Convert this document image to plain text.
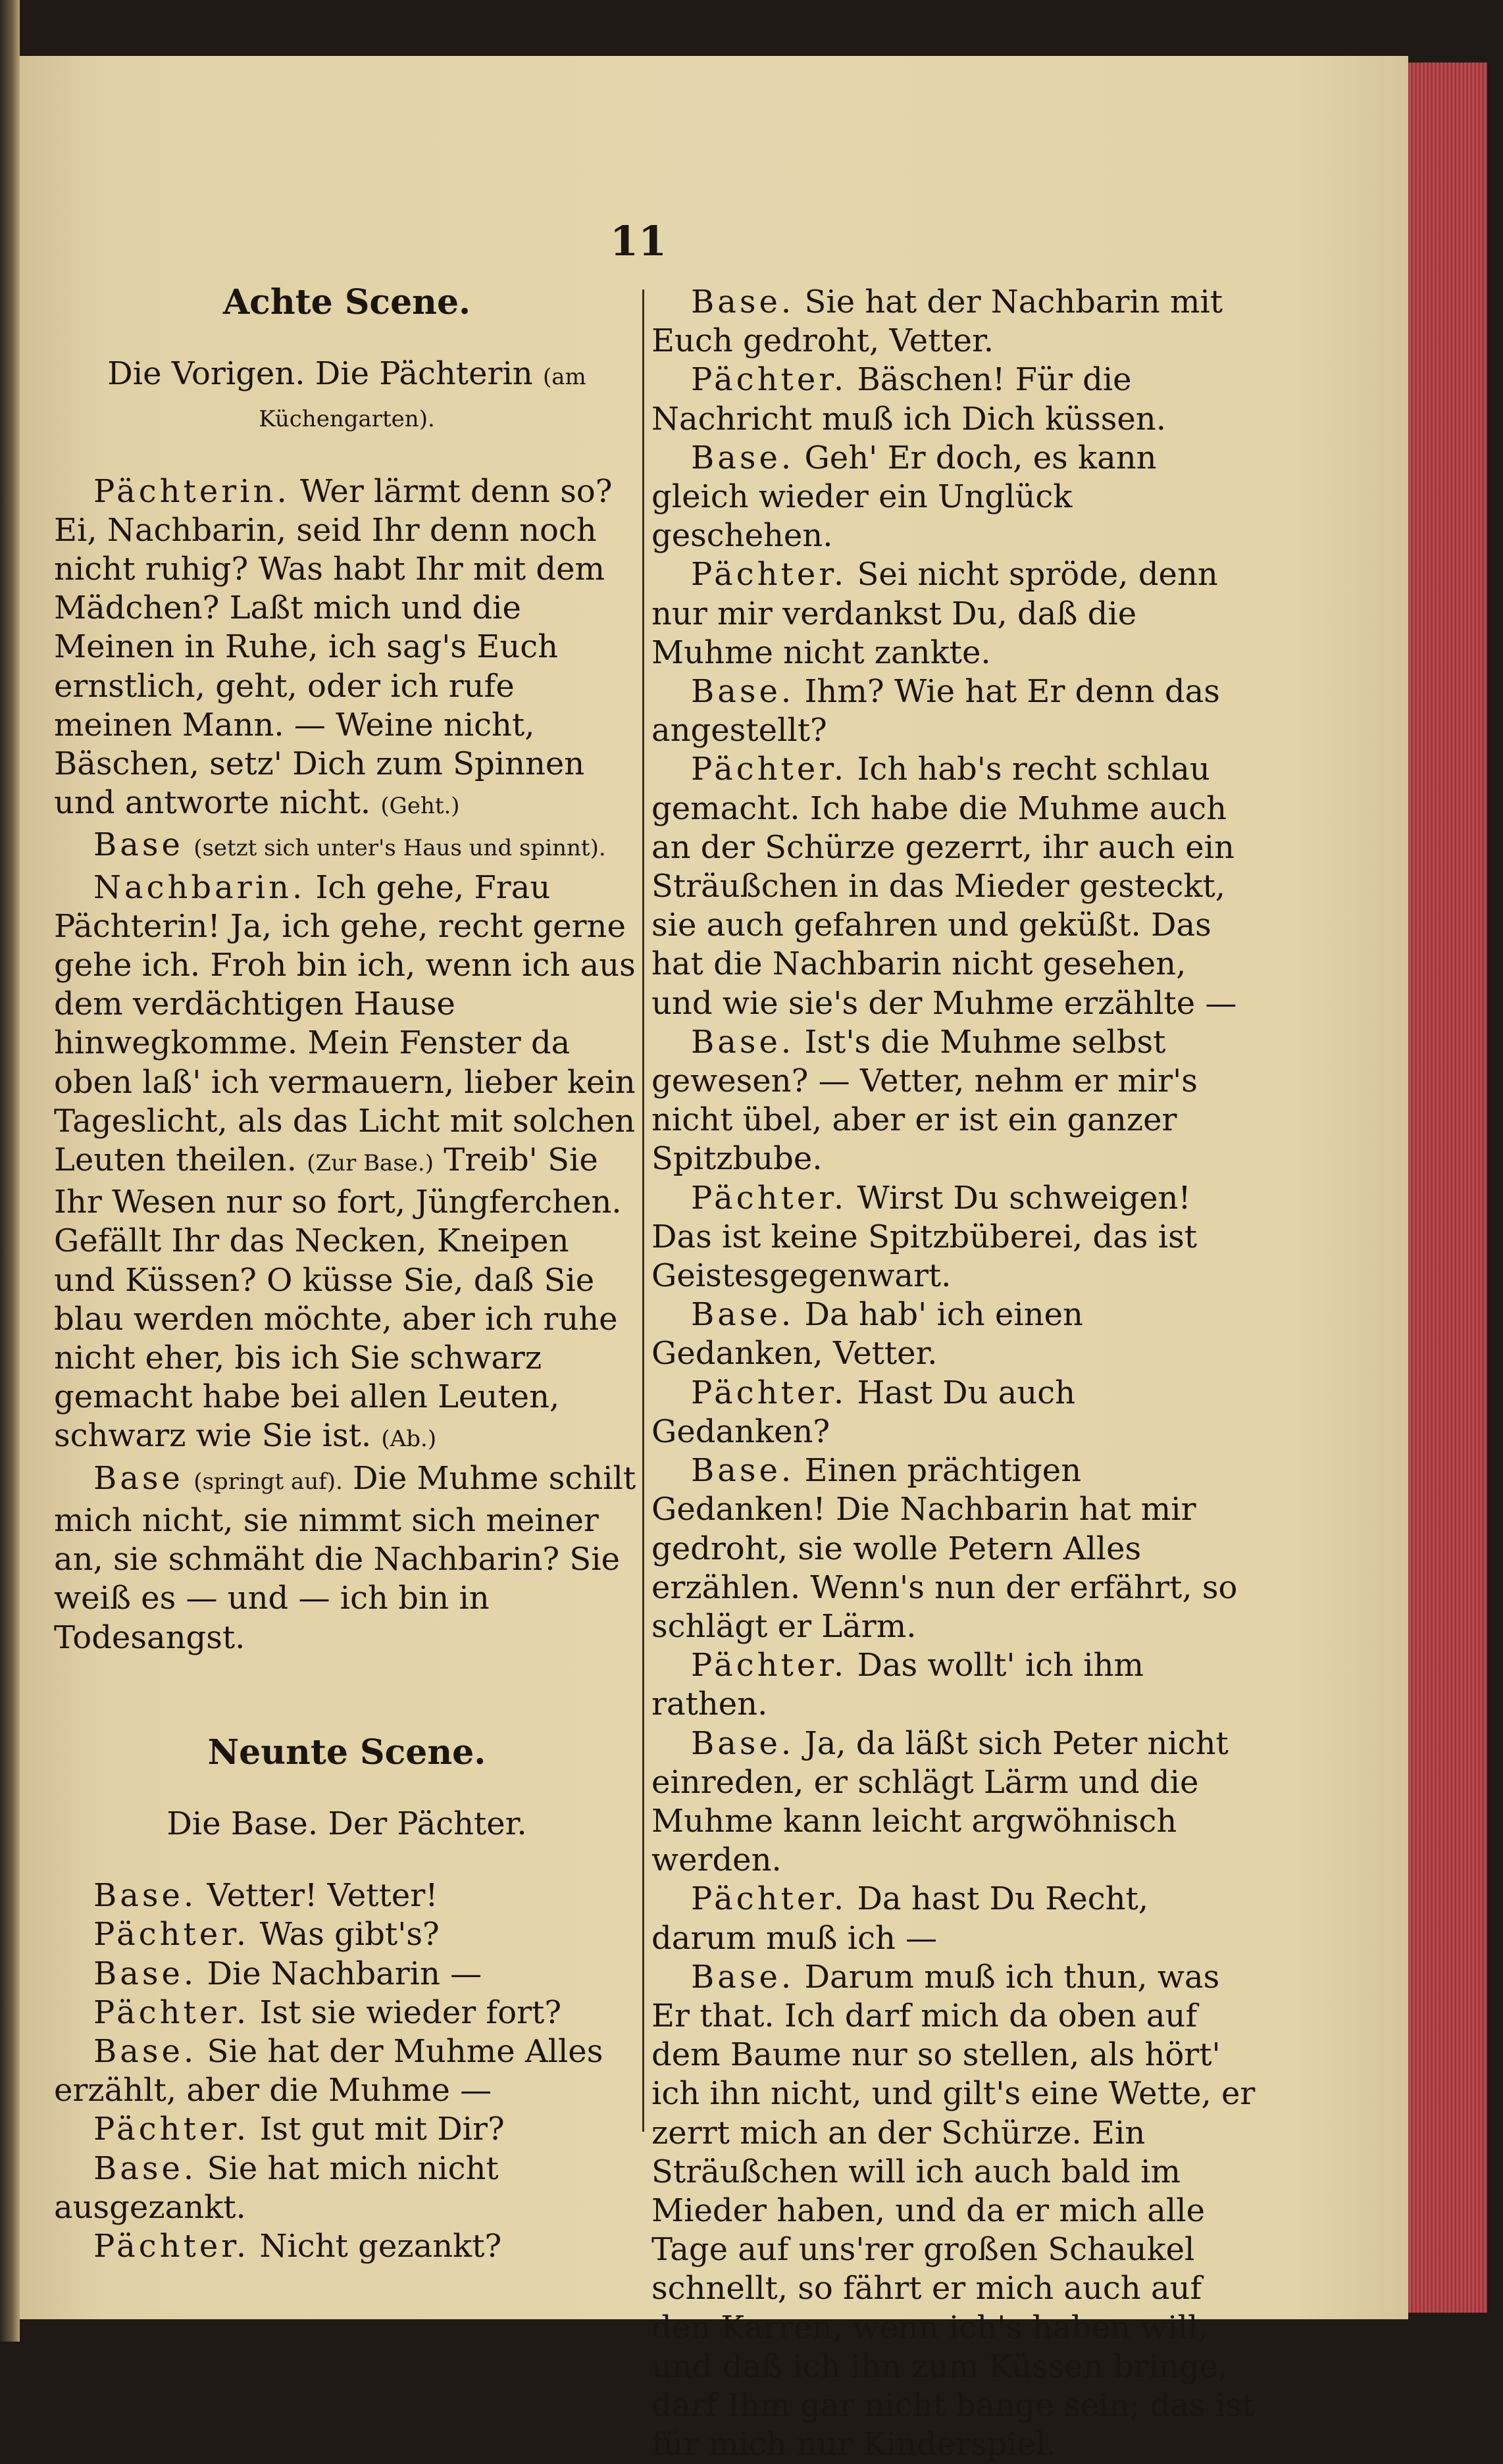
11

Achte Scene.

Die Vorigen. Die Pächterin (am Küchengarten).

Pächterin. Wer lärmt denn so? Ei, Nachbarin, seid Ihr denn noch nicht ruhig? Was habt Ihr mit dem Mädchen? Laßt mich und die Meinen in Ruhe, ich sag's Euch ernstlich, geht, oder ich rufe meinen Mann. — Weine nicht, Bäschen, setz' Dich zum Spinnen und antworte nicht. (Geht.)

Base (setzt sich unter's Haus und spinnt).

Nachbarin. Ich gehe, Frau Pächterin! Ja, ich gehe, recht gerne gehe ich. Froh bin ich, wenn ich aus dem verdächtigen Hause hinwegkomme. Mein Fenster da oben laß' ich vermauern, lieber kein Tageslicht, als das Licht mit solchen Leuten theilen. (Zur Base.) Treib' Sie Ihr Wesen nur so fort, Jüngferchen. Gefällt Ihr das Necken, Kneipen und Küssen? O küsse Sie, daß Sie blau werden möchte, aber ich ruhe nicht eher, bis ich Sie schwarz gemacht habe bei allen Leuten, schwarz wie Sie ist. (Ab.)

Base (springt auf). Die Muhme schilt mich nicht, sie nimmt sich meiner an, sie schmäht die Nachbarin? Sie weiß es — und — ich bin in Todesangst.

Neunte Scene.

Die Base. Der Pächter.

Base. Vetter! Vetter!

Pächter. Was gibt's?

Base. Die Nachbarin —

Pächter. Ist sie wieder fort?

Base. Sie hat der Muhme Alles erzählt, aber die Muhme —

Pächter. Ist gut mit Dir?

Base. Sie hat mich nicht ausgezankt.

Pächter. Nicht gezankt?

Base. Sie hat der Nachbarin mit Euch gedroht, Vetter.

Pächter. Bäschen! Für die Nachricht muß ich Dich küssen.

Base. Geh' Er doch, es kann gleich wieder ein Unglück geschehen.

Pächter. Sei nicht spröde, denn nur mir verdankst Du, daß die Muhme nicht zankte.

Base. Ihm? Wie hat Er denn das angestellt?

Pächter. Ich hab's recht schlau gemacht. Ich habe die Muhme auch an der Schürze gezerrt, ihr auch ein Sträußchen in das Mieder gesteckt, sie auch gefahren und geküßt. Das hat die Nachbarin nicht gesehen, und wie sie's der Muhme erzählte —

Base. Ist's die Muhme selbst gewesen? — Vetter, nehm er mir's nicht übel, aber er ist ein ganzer Spitzbube.

Pächter. Wirst Du schweigen! Das ist keine Spitzbüberei, das ist Geistesgegenwart.

Base. Da hab' ich einen Gedanken, Vetter.

Pächter. Hast Du auch Gedanken?

Base. Einen prächtigen Gedanken! Die Nachbarin hat mir gedroht, sie wolle Petern Alles erzählen. Wenn's nun der erfährt, so schlägt er Lärm.

Pächter. Das wollt' ich ihm rathen.

Base. Ja, da läßt sich Peter nicht einreden, er schlägt Lärm und die Muhme kann leicht argwöhnisch werden.

Pächter. Da hast Du Recht, darum muß ich —

Base. Darum muß ich thun, was Er that. Ich darf mich da oben auf dem Baume nur so stellen, als hört' ich ihn nicht, und gilt's eine Wette, er zerrt mich an der Schürze. Ein Sträußchen will ich auch bald im Mieder haben, und da er mich alle Tage auf uns'rer großen Schaukel schnellt, so fährt er mich auch auf den Karren, wenn ich's haben will, und daß ich ihn zum Küssen bringe, darf Ihm gar nicht bange sein; das ist für mich nur Kinderspiel.
